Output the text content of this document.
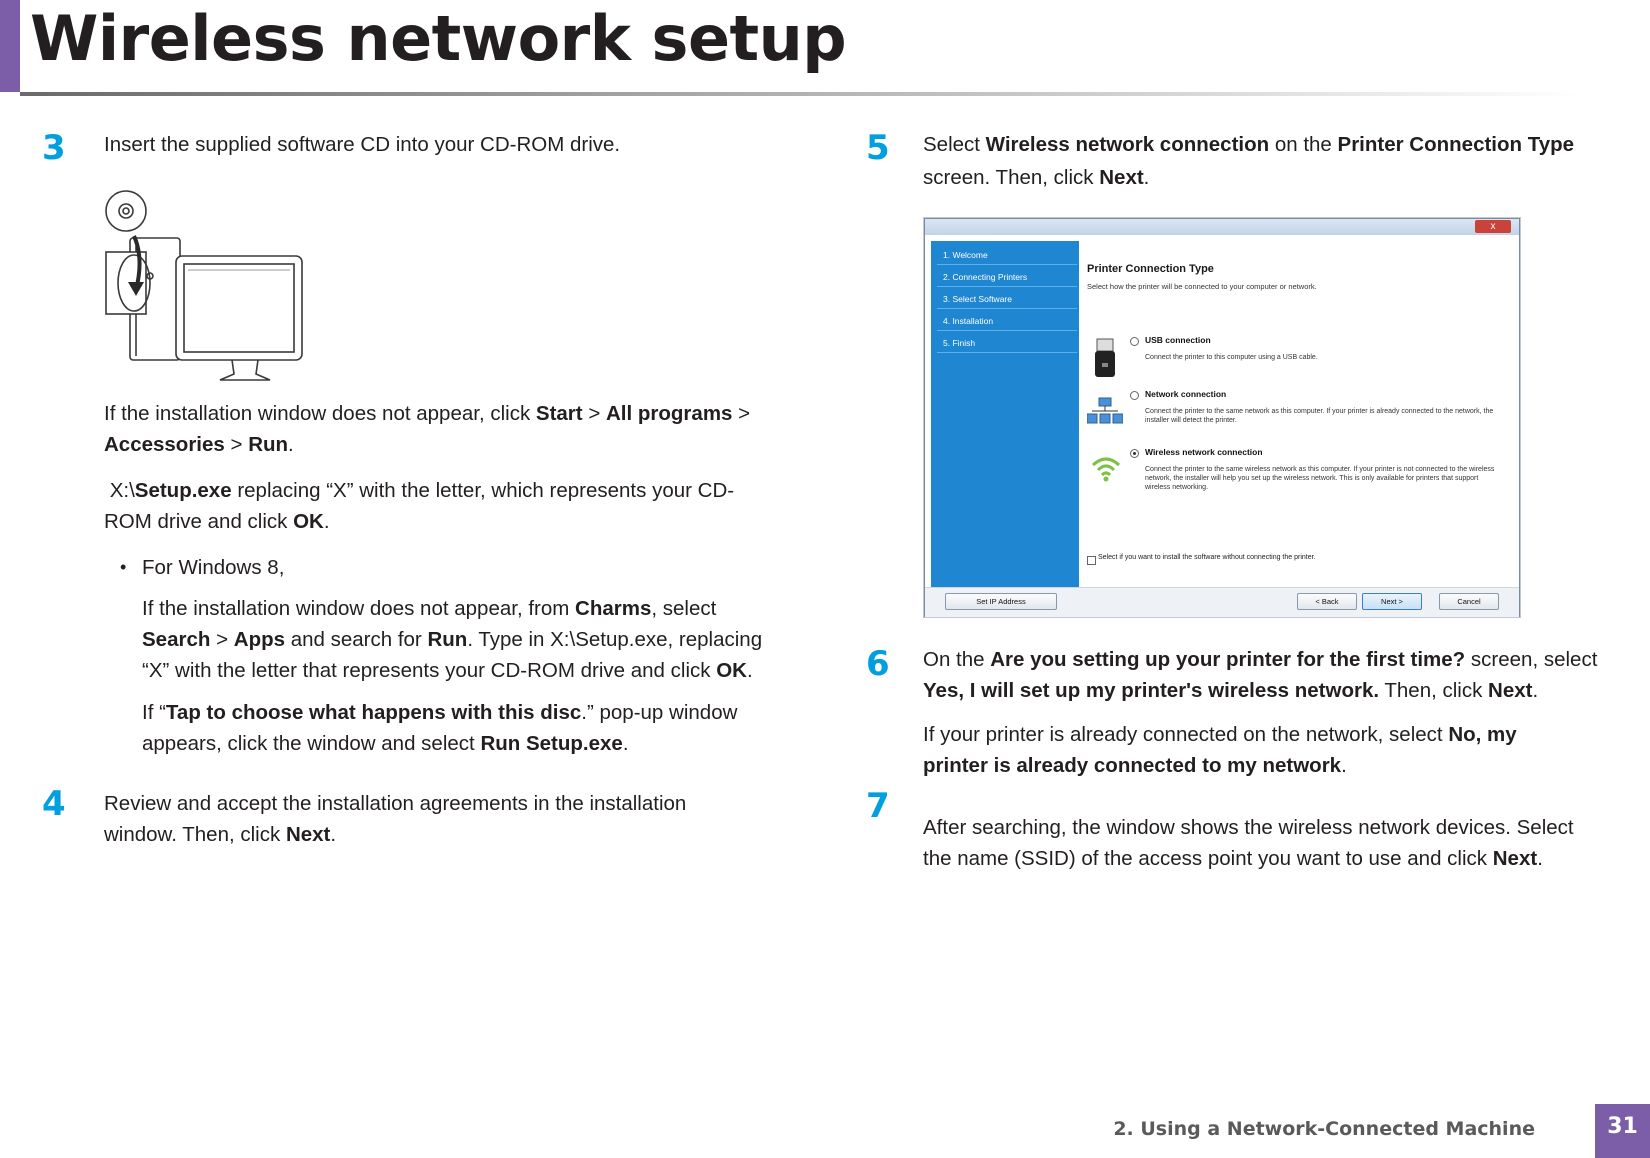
Wireless network setup
3 Insert the supplied software CD into your CD-ROM drive.
If the installation window does not appear, click Start > All programs >
Accessories > Run.
X:\Setup.exe replacing “X” with the letter, which represents your CD-
ROM drive and click OK.
• For Windows 8,
If the installation window does not appear, from Charms, select
Search > Apps and search for Run. Type in X:\Setup.exe, replacing
“X” with the letter that represents your CD-ROM drive and click OK.
If “Tap to choose what happens with this disc.” pop-up window
appears, click the window and select Run Setup.exe.
4 Review and accept the installation agreements in the installation
window. Then, click Next.
5 Select Wireless network connection on the Printer Connection Type
screen. Then, click Next.
x
1. Welcome
2. Connecting Printers
3. Select Software
4. Installation
5. Finish
Printer Connection Type
Select how the printer will be connected to your computer or network.
USB connection
Connect the printer to this computer using a USB cable.
Network connection
Connect the printer to the same network as this computer. If your printer is already connected to the network, the installer will detect the printer.
Wireless network connection
Connect the printer to the same wireless network as this computer. If your printer is not connected to the wireless network, the installer will help you set up the wireless network. This is only available for printers that support wireless networking.
Select if you want to install the software without connecting the printer.
Set IP Address	< Back	Next >	Cancel
6 On the Are you setting up your printer for the first time? screen, select
Yes, I will set up my printer's wireless network. Then, click Next.
If your printer is already connected on the network, select No, my
printer is already connected to my network.
7
After searching, the window shows the wireless network devices. Select
the name (SSID) of the access point you want to use and click Next.
2. Using a Network-Connected Machine	31
